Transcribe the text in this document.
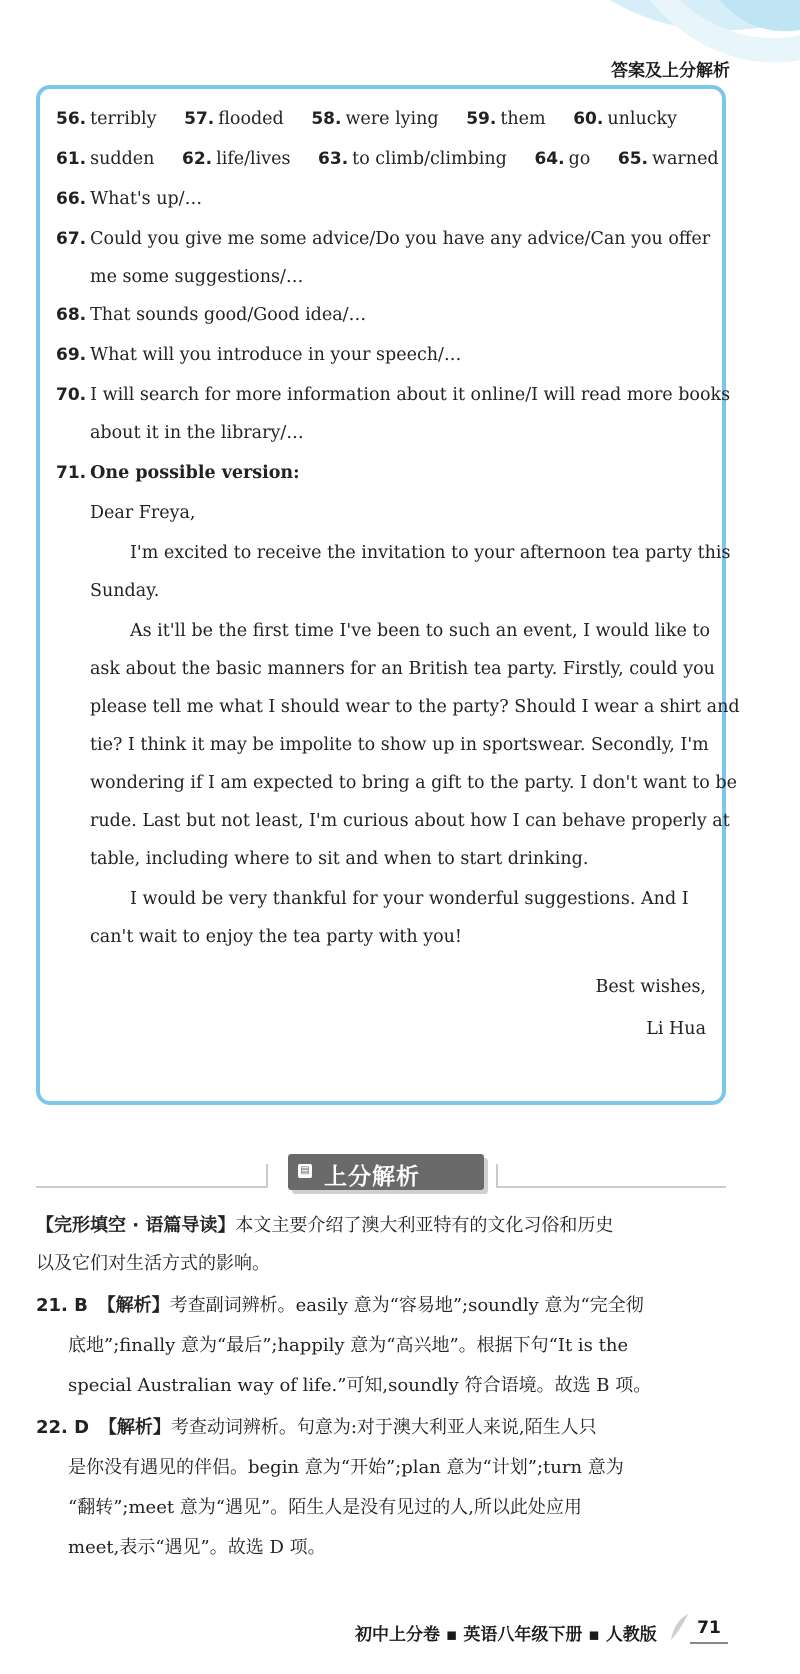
答案及上分解析
56. terribly 57. flooded 58. were lying 59. them 60. unlucky
61. sudden 62. life/lives 63. to climb/climbing 64. go 65. warned
66. What's up/…
67. Could you give me some advice/Do you have any advice/Can you offer
me some suggestions/…
68. That sounds good/Good idea/…
69. What will you introduce in your speech/…
70. I will search for more information about it online/I will read more books
about it in the library/…
71. One possible version:
Dear Freya,
I'm excited to receive the invitation to your afternoon tea party this
Sunday.
As it'll be the first time I've been to such an event, I would like to
ask about the basic manners for an British tea party. Firstly, could you
please tell me what I should wear to the party? Should I wear a shirt and
tie? I think it may be impolite to show up in sportswear. Secondly, I'm
wondering if I am expected to bring a gift to the party. I don't want to be
rude. Last but not least, I'm curious about how I can behave properly at
table, including where to sit and when to start drinking.
I would be very thankful for your wonderful suggestions. And I
can't wait to enjoy the tea party with you!
Best wishes,
Li Hua
▤ 上分解析
【完形填空 · 语篇导读】本文主要介绍了澳大利亚特有的文化习俗和历史
以及它们对生活方式的影响。
21. B 【解析】考查副词辨析。easily 意为“容易地”;soundly 意为“完全彻
底地”;finally 意为“最后”;happily 意为“高兴地”。根据下句“It is the
special Australian way of life.”可知,soundly 符合语境。故选 B 项。
22. D 【解析】考查动词辨析。句意为:对于澳大利亚人来说,陌生人只
是你没有遇见的伴侣。begin 意为“开始”;plan 意为“计划”;turn 意为
“翻转”;meet 意为“遇见”。陌生人是没有见过的人,所以此处应用
meet,表示“遇见”。故选 D 项。
初中上分卷 ▪ 英语八年级下册 ▪ 人教版	71
